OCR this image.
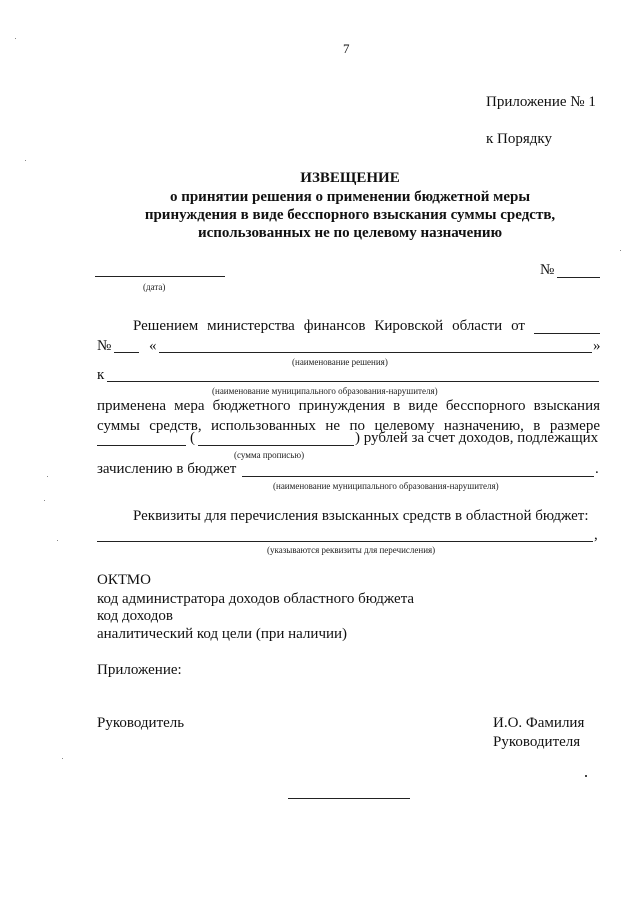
7
Приложение № 1
к Порядку
ИЗВЕЩЕНИЕ
о принятии решения о применении бюджетной меры
принуждения в виде бесспорного взыскания суммы средств,
использованных не по целевому назначению
(дата)
№
Решением министерства финансов Кировской области от
№	«	»
(наименование решения)
к
(наименование муниципального образования-нарушителя)
применена мера бюджетного принуждения в виде бесспорного взыскания
суммы средств, использованных не по целевому назначению, в размере
(	) рублей за счет доходов, подлежащих
(сумма прописью)
зачислению в бюджет	.
(наименование муниципального образования-нарушителя)
Реквизиты для перечисления взысканных средств в областной бюджет:
,
(указываются реквизиты для перечисления)
ОКТМО
код администратора доходов областного бюджета
код доходов
аналитический код цели (при наличии)
Приложение:
Руководитель	И.О. Фамилия
Руководителя
